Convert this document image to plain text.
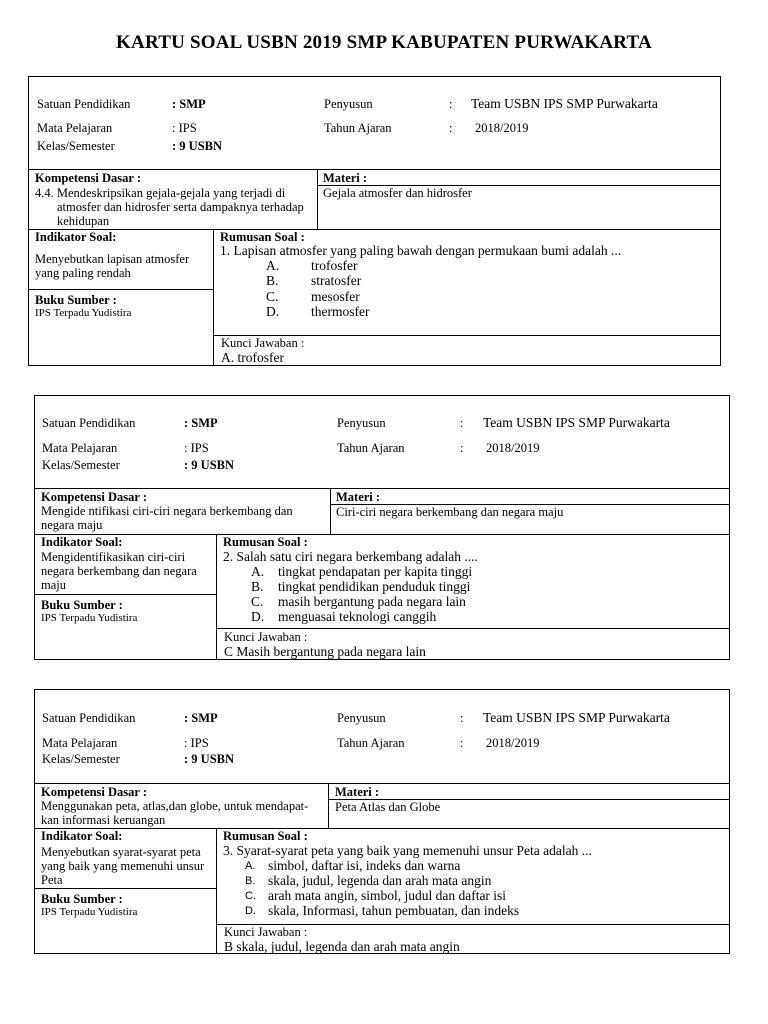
KARTU SOAL USBN 2019 SMP KABUPATEN PURWAKARTA
Satuan Pendidikan	: SMP	Penyusun	: Team USBN IPS SMP Purwakarta
Mata Pelajaran	: IPS	Tahun Ajaran	: 2018/2019
Kelas/Semester	: 9 USBN
Kompetensi Dasar :
4.4. Mendeskripsikan gejala-gejala yang terjadi di atmosfer dan hidrosfer serta dampaknya terhadap kehidupan
Materi :
Gejala atmosfer dan hidrosfer
Indikator Soal:
Menyebutkan lapisan atmosfer yang paling rendah
Buku Sumber :
IPS Terpadu Yudistira
Rumusan Soal :
1. Lapisan atmosfer yang paling bawah dengan permukaan bumi adalah ...
A. trofosfer
B. stratosfer
C. mesosfer
D. thermosfer
Kunci Jawaban :
A. trofosfer
Satuan Pendidikan	: SMP	Penyusun	: Team USBN IPS SMP Purwakarta
Mata Pelajaran	: IPS	Tahun Ajaran	: 2018/2019
Kelas/Semester	: 9 USBN
Kompetensi Dasar :
Mengide ntifikasi ciri-ciri negara berkembang dan negara maju
Materi :
Ciri-ciri negara berkembang dan negara maju
Indikator Soal:
Mengidentifikasikan ciri-ciri negara berkembang dan negara maju
Buku Sumber :
IPS Terpadu Yudistira
Rumusan Soal :
2. Salah satu ciri negara berkembang adalah ....
A. tingkat pendapatan per kapita tinggi
B. tingkat pendidikan penduduk tinggi
C. masih bergantung pada negara lain
D. menguasai teknologi canggih
Kunci Jawaban :
C Masih bergantung pada negara lain
Satuan Pendidikan	: SMP	Penyusun	: Team USBN IPS SMP Purwakarta
Mata Pelajaran	: IPS	Tahun Ajaran	: 2018/2019
Kelas/Semester	: 9 USBN
Kompetensi Dasar :
Menggunakan peta, atlas,dan globe, untuk mendapat-kan informasi keruangan
Materi :
Peta Atlas dan Globe
Indikator Soal:
Menyebutkan syarat-syarat peta yang baik yang memenuhi unsur Peta
Buku Sumber :
IPS Terpadu Yudistira
Rumusan Soal :
3. Syarat-syarat peta yang baik yang memenuhi unsur Peta adalah ...
A. simbol, daftar isi, indeks dan warna
B. skala, judul, legenda dan arah mata angin
C. arah mata angin, simbol, judul dan daftar isi
D. skala, Informasi, tahun pembuatan, dan indeks
Kunci Jawaban :
B skala, judul, legenda dan arah mata angin
